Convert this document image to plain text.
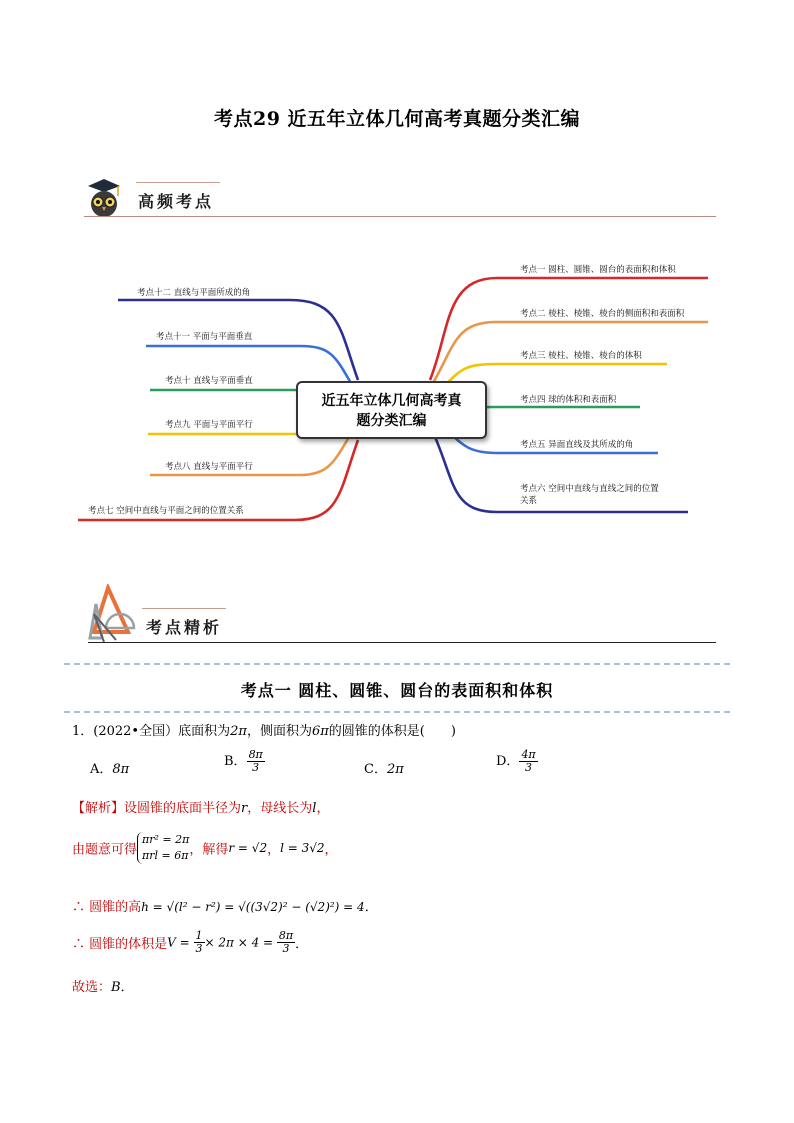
考点29 近五年立体几何高考真题分类汇编
高频考点
近五年立体几何高考真
题分类汇编
考点一 圆柱、圆锥、圆台的表面积和体积
考点二 棱柱、棱锥、棱台的侧面积和表面积
考点三 棱柱、棱锥、棱台的体积
考点四 球的体积和表面积
考点五 异面直线及其所成的角
考点六 空间中直线与直线之间的位置
关系
考点十二 直线与平面所成的角
考点十一 平面与平面垂直
考点十 直线与平面垂直
考点九 平面与平面平行
考点八 直线与平面平行
考点七 空间中直线与平面之间的位置关系
考点精析
考点一 圆柱、圆锥、圆台的表面积和体积
1．(2022•全国）底面积为2π，侧面积为6π的圆锥的体积是(　　)
A．8π
B． $\frac{8\pi}{3}$	C．2π
D． $\frac{4\pi}{3}$
【解析】设圆锥的底面半径为r，母线长为l，
由题意可得
πr² = 2π
πrl = 6π ，解得r = √2，l = 3√2，
∴ 圆锥的高h = √(l² − r²) = √((3√2)² − (√2)²) = 4．
∴ 圆锥的体积是$V = \frac{1}{3} \times 2\pi \times 4 = \frac{8\pi}{3}$ ．
故选：B．
